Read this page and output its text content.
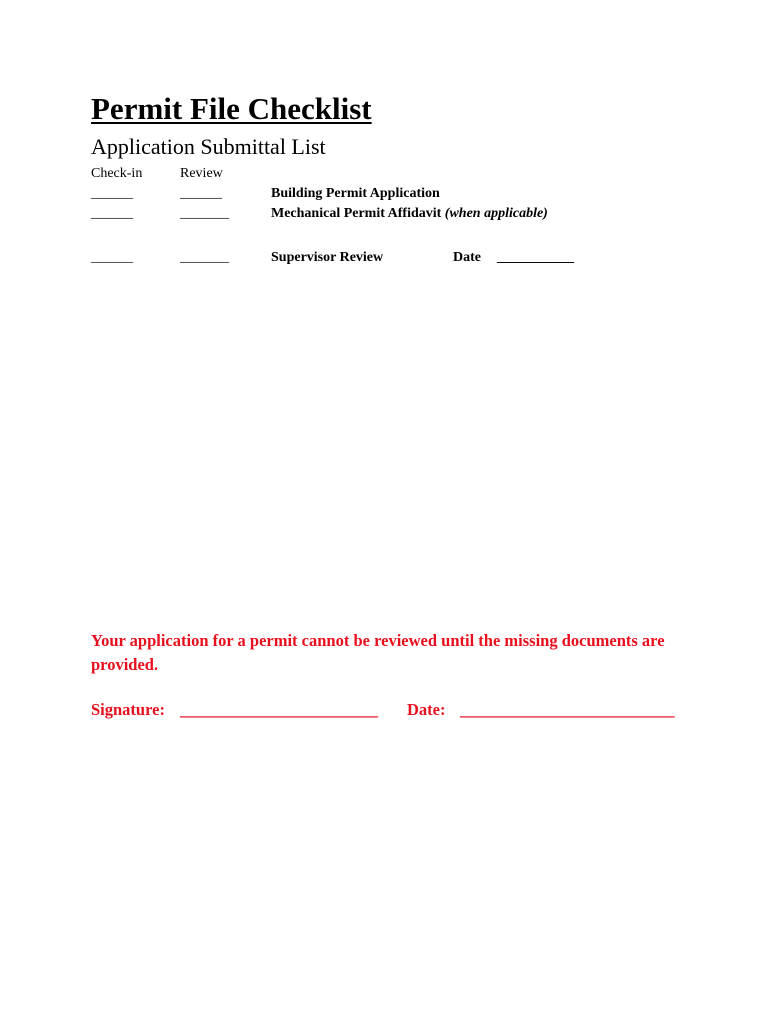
Permit File Checklist
Application Submittal List
Check-in	Review
______	______	Building Permit Application
______	_______	Mechanical Permit Affidavit (when applicable)
______	_______	Supervisor Review	Date ___________
Your application for a permit cannot be reviewed until the missing documents are provided.
Signature: ________________________ Date: __________________________
